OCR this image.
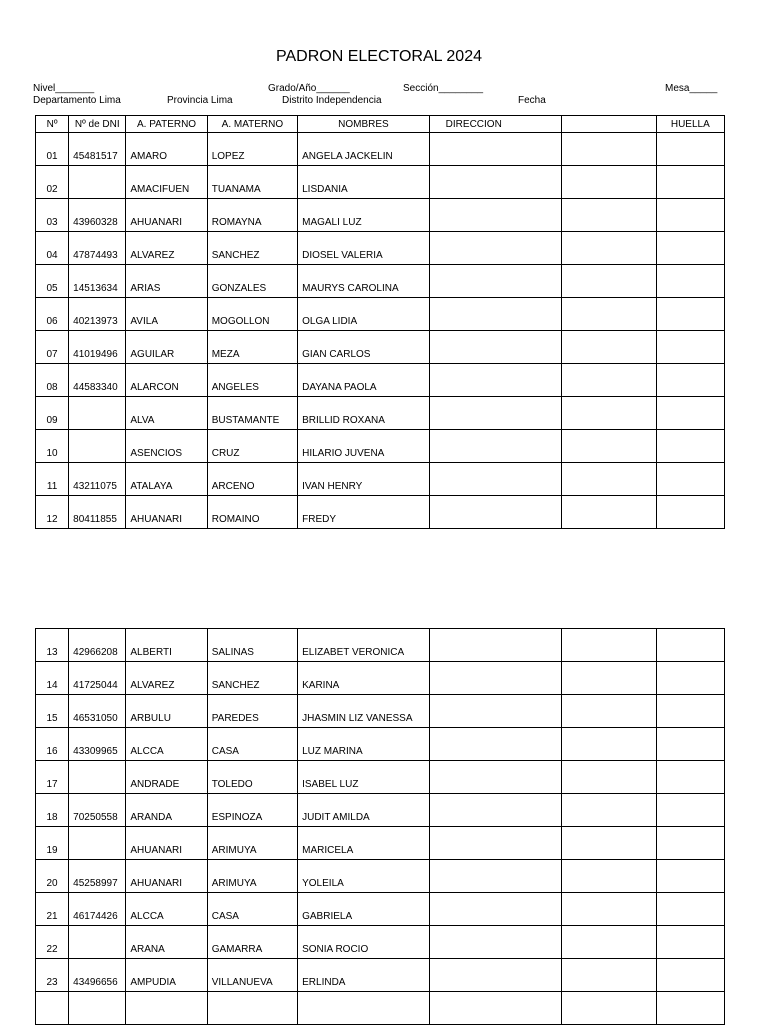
PADRON ELECTORAL 2024
Nivel_______	Grado/Año______	Sección________	Mesa_____
Departamento Lima	Provincia Lima	Distrito Independencia	Fecha
Nº	Nº de DNI	A. PATERNO	A. MATERNO	NOMBRES	DIRECCION		HUELLA
01	45481517	AMARO	LOPEZ	ANGELA JACKELIN			
02		AMACIFUEN	TUANAMA	LISDANIA			
03	43960328	AHUANARI	ROMAYNA	MAGALI LUZ			
04	47874493	ALVAREZ	SANCHEZ	DIOSEL VALERIA			
05	14513634	ARIAS	GONZALES	MAURYS CAROLINA			
06	40213973	AVILA	MOGOLLON	OLGA LIDIA			
07	41019496	AGUILAR	MEZA	GIAN CARLOS			
08	44583340	ALARCON	ANGELES	DAYANA PAOLA			
09		ALVA	BUSTAMANTE	BRILLID ROXANA			
10		ASENCIOS	CRUZ	HILARIO JUVENA			
11	43211075	ATALAYA	ARCENO	IVAN HENRY			
12	80411855	AHUANARI	ROMAINO	FREDY			
13	42966208	ALBERTI	SALINAS	ELIZABET VERONICA			
14	41725044	ALVAREZ	SANCHEZ	KARINA			
15	46531050	ARBULU	PAREDES	JHASMIN LIZ VANESSA			
16	43309965	ALCCA	CASA	LUZ MARINA			
17		ANDRADE	TOLEDO	ISABEL LUZ			
18	70250558	ARANDA	ESPINOZA	JUDIT AMILDA			
19		AHUANARI	ARIMUYA	MARICELA			
20	45258997	AHUANARI	ARIMUYA	YOLEILA			
21	46174426	ALCCA	CASA	GABRIELA			
22		ARANA	GAMARRA	SONIA ROCIO			
23	43496656	AMPUDIA	VILLANUEVA	ERLINDA			
